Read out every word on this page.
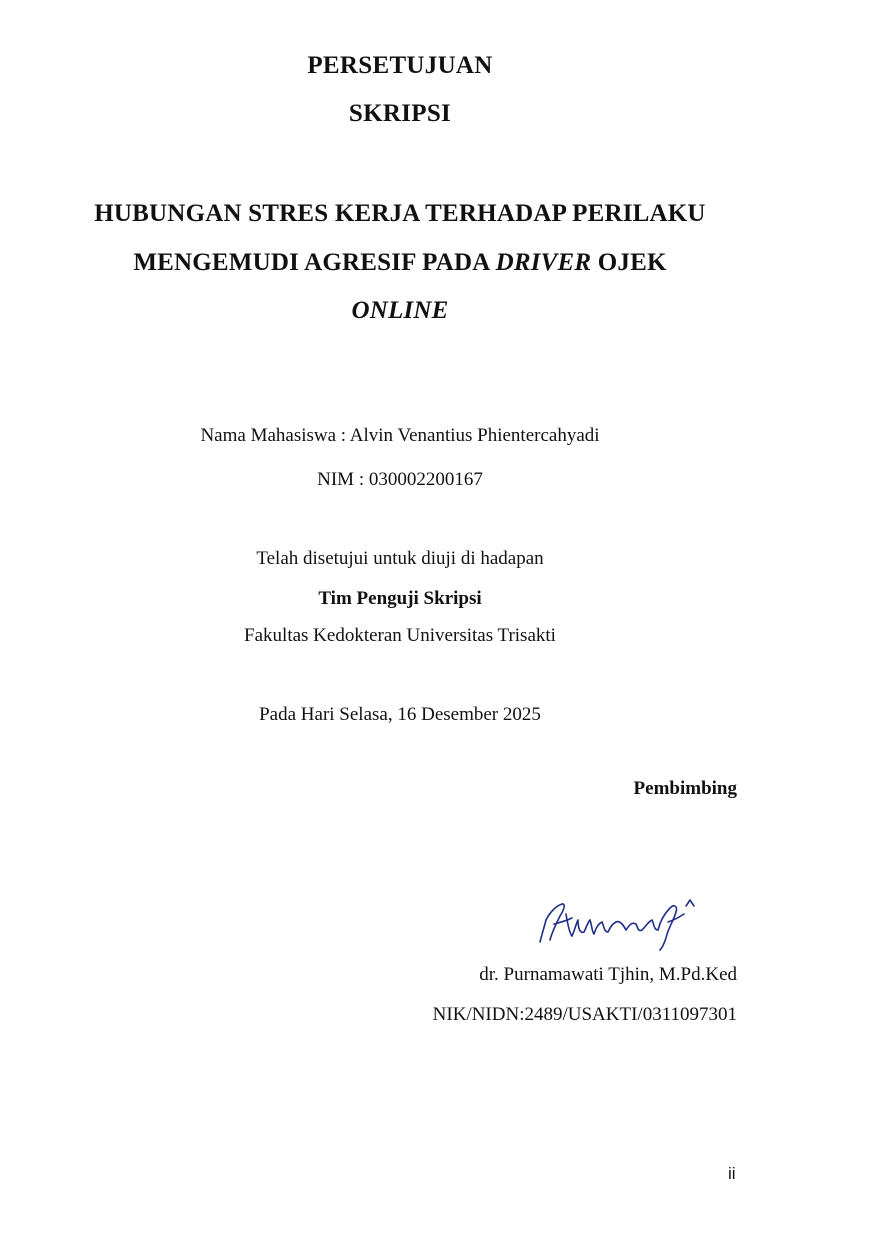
PERSETUJUAN

SKRIPSI

HUBUNGAN STRES KERJA TERHADAP PERILAKU

MENGEMUDI AGRESIF PADA DRIVER OJEK

ONLINE

Nama Mahasiswa : Alvin Venantius Phientercahyadi

NIM : 030002200167

Telah disetujui untuk diuji di hadapan

Tim Penguji Skripsi

Fakultas Kedokteran Universitas Trisakti

Pada Hari Selasa, 16 Desember 2025

Pembimbing

dr. Purnamawati Tjhin, M.Pd.Ked

NIK/NIDN:2489/USAKTI/0311097301

ii
